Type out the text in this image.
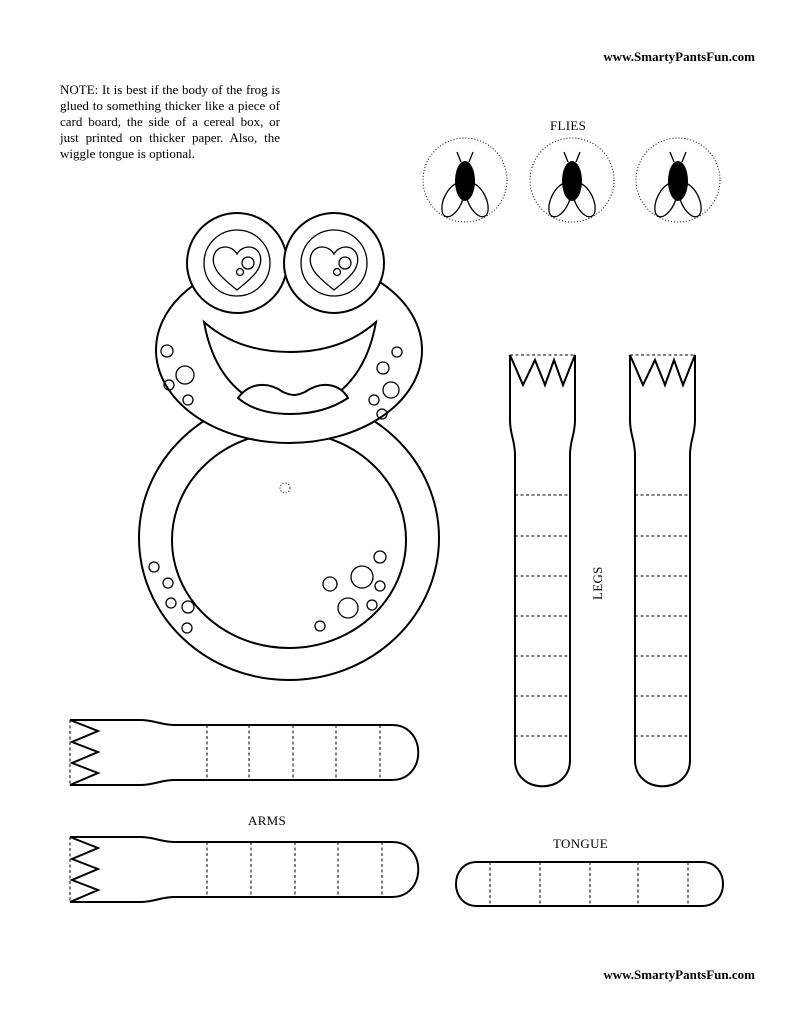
www.SmartyPantsFun.com
NOTE: It is best if the body of the frog is glued to something thicker like a piece of card board, the side of a cereal box, or just printed on thicker paper. Also, the wiggle tongue is optional.
FLIES
LEGS
ARMS
TONGUE
www.SmartyPantsFun.com
